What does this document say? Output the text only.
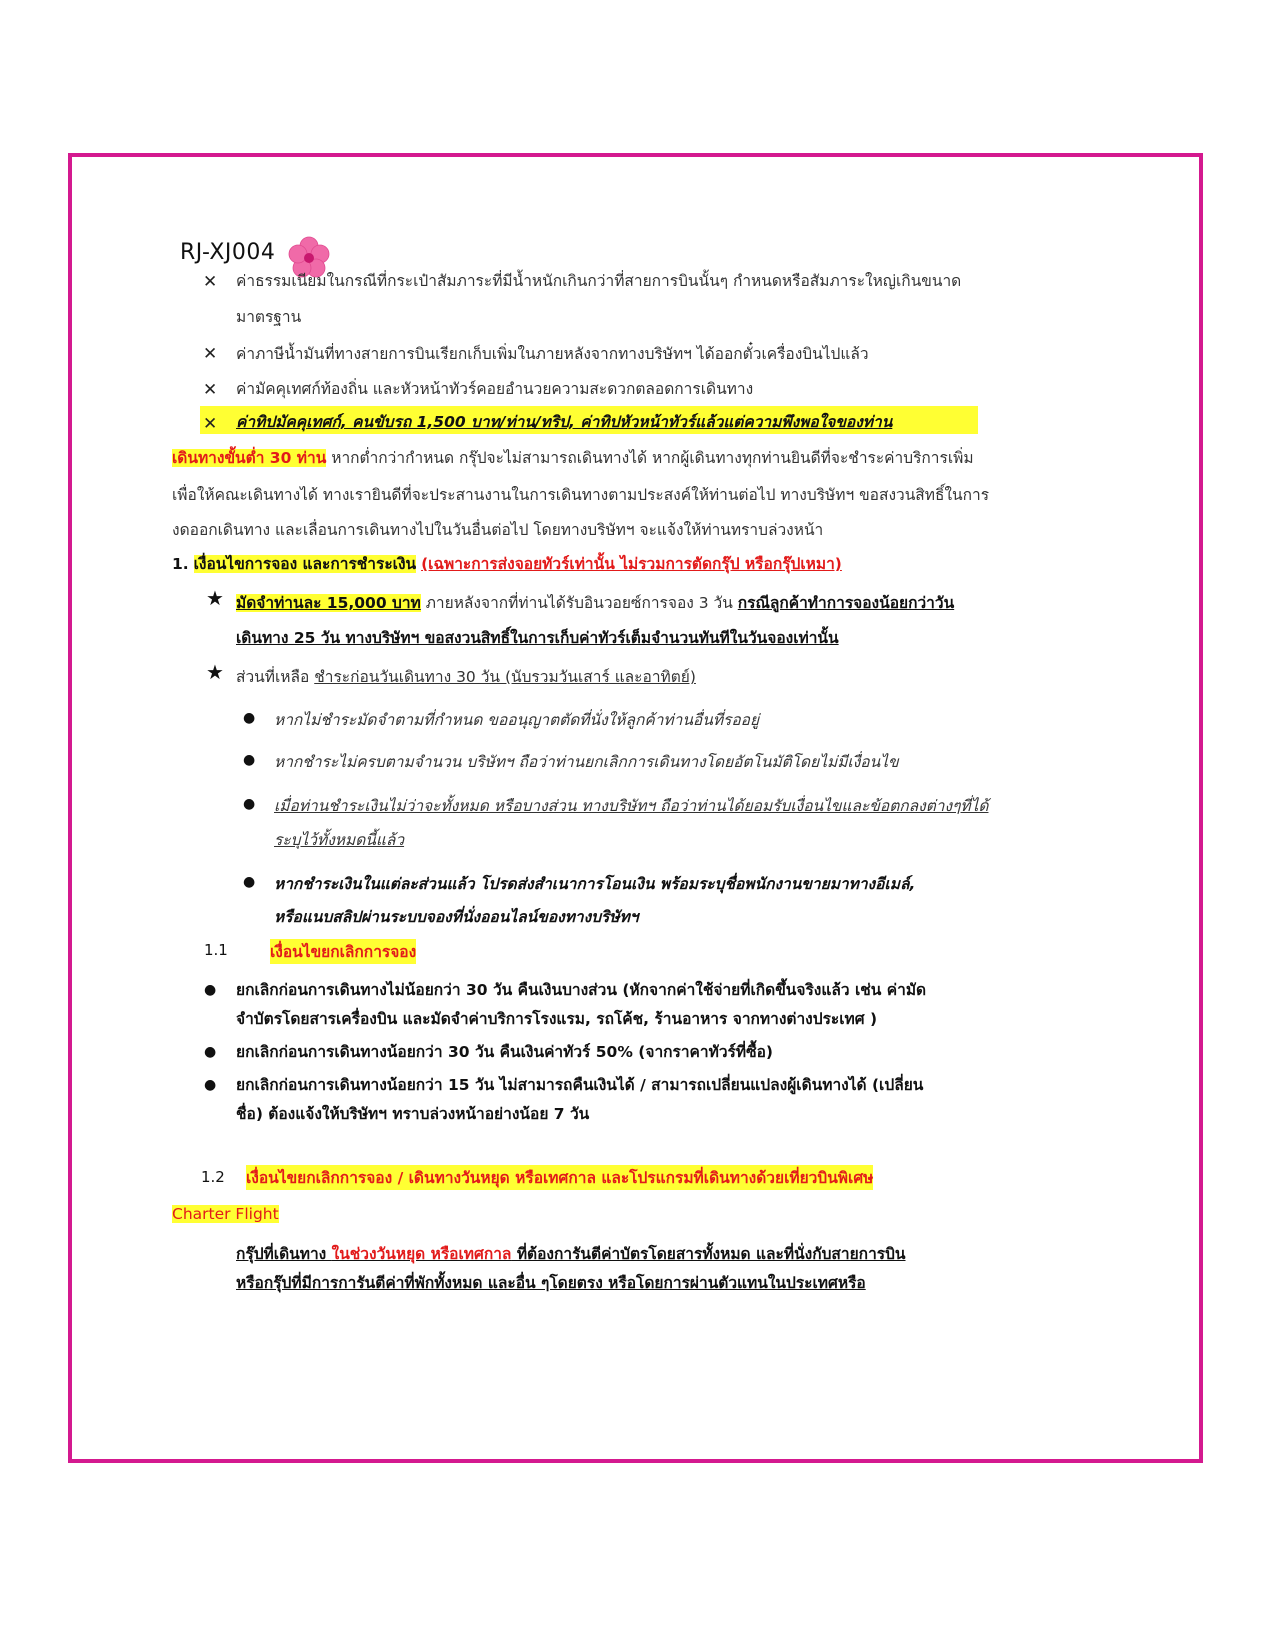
RJ-XJ004
✕ ค่าธรรมเนียมในกรณีที่กระเป๋าสัมภาระที่มีน้ำหนักเกินกว่าที่สายการบินนั้นๆ กำหนดหรือสัมภาระใหญ่เกินขนาด
มาตรฐาน
✕ ค่าภาษีน้ำมันที่ทางสายการบินเรียกเก็บเพิ่มในภายหลังจากทางบริษัทฯ ได้ออกตั๋วเครื่องบินไปแล้ว
✕ ค่ามัคคุเทศก์ท้องถิ่น และหัวหน้าทัวร์คอยอำนวยความสะดวกตลอดการเดินทาง
✕ ค่าทิปมัคคุเทศก์, คนขับรถ 1,500 บาท/ท่าน/ทริป, ค่าทิปหัวหน้าทัวร์แล้วแต่ความพึงพอใจของท่าน
เดินทางขั้นต่ำ 30 ท่าน หากต่ำกว่ากำหนด กรุ๊ปจะไม่สามารถเดินทางได้ หากผู้เดินทางทุกท่านยินดีที่จะชำระค่าบริการเพิ่ม
เพื่อให้คณะเดินทางได้ ทางเรายินดีที่จะประสานงานในการเดินทางตามประสงค์ให้ท่านต่อไป ทางบริษัทฯ ขอสงวนสิทธิ์ในการ
งดออกเดินทาง และเลื่อนการเดินทางไปในวันอื่นต่อไป โดยทางบริษัทฯ จะแจ้งให้ท่านทราบล่วงหน้า
1. เงื่อนไขการจอง และการชำระเงิน (เฉพาะการส่งจอยทัวร์เท่านั้น ไม่รวมการตัดกรุ๊ป หรือกรุ๊ปเหมา)
★ มัดจำท่านละ 15,000 บาท ภายหลังจากที่ท่านได้รับอินวอยซ์การจอง 3 วัน กรณีลูกค้าทำการจองน้อยกว่าวัน
เดินทาง 25 วัน ทางบริษัทฯ ขอสงวนสิทธิ์ในการเก็บค่าทัวร์เต็มจำนวนทันทีในวันจองเท่านั้น
★ ส่วนที่เหลือ ชำระก่อนวันเดินทาง 30 วัน (นับรวมวันเสาร์ และอาทิตย์)
● หากไม่ชำระมัดจำตามที่กำหนด ขออนุญาตตัดที่นั่งให้ลูกค้าท่านอื่นที่รออยู่
● หากชำระไม่ครบตามจำนวน บริษัทฯ ถือว่าท่านยกเลิกการเดินทางโดยอัตโนมัติโดยไม่มีเงื่อนไข
● เมื่อท่านชำระเงินไม่ว่าจะทั้งหมด หรือบางส่วน ทางบริษัทฯ ถือว่าท่านได้ยอมรับเงื่อนไขและข้อตกลงต่างๆที่ได้
ระบุไว้ทั้งหมดนี้แล้ว
● หากชำระเงินในแต่ละส่วนแล้ว โปรดส่งสำเนาการโอนเงิน พร้อมระบุชื่อพนักงานขายมาทางอีเมล์,
หรือแนบสลิปผ่านระบบจองที่นั่งออนไลน์ของทางบริษัทฯ
1.1	เงื่อนไขยกเลิกการจอง
● ยกเลิกก่อนการเดินทางไม่น้อยกว่า 30 วัน คืนเงินบางส่วน (หักจากค่าใช้จ่ายที่เกิดขึ้นจริงแล้ว เช่น ค่ามัด
จำบัตรโดยสารเครื่องบิน และมัดจำค่าบริการโรงแรม, รถโค้ช, ร้านอาหาร จากทางต่างประเทศ )
● ยกเลิกก่อนการเดินทางน้อยกว่า 30 วัน คืนเงินค่าทัวร์ 50% (จากราคาทัวร์ที่ซื้อ)
● ยกเลิกก่อนการเดินทางน้อยกว่า 15 วัน ไม่สามารถคืนเงินได้ / สามารถเปลี่ยนแปลงผู้เดินทางได้ (เปลี่ยน
ชื่อ) ต้องแจ้งให้บริษัทฯ ทราบล่วงหน้าอย่างน้อย 7 วัน
1.2 เงื่อนไขยกเลิกการจอง / เดินทางวันหยุด หรือเทศกาล และโปรแกรมที่เดินทางด้วยเที่ยวบินพิเศษ
Charter Flight
กรุ๊ปที่เดินทาง ในช่วงวันหยุด หรือเทศกาล ที่ต้องการันตีค่าบัตรโดยสารทั้งหมด และที่นั่งกับสายการบิน
หรือกรุ๊ปที่มีการการันตีค่าที่พักทั้งหมด และอื่น ๆโดยตรง หรือโดยการผ่านตัวแทนในประเทศหรือ
